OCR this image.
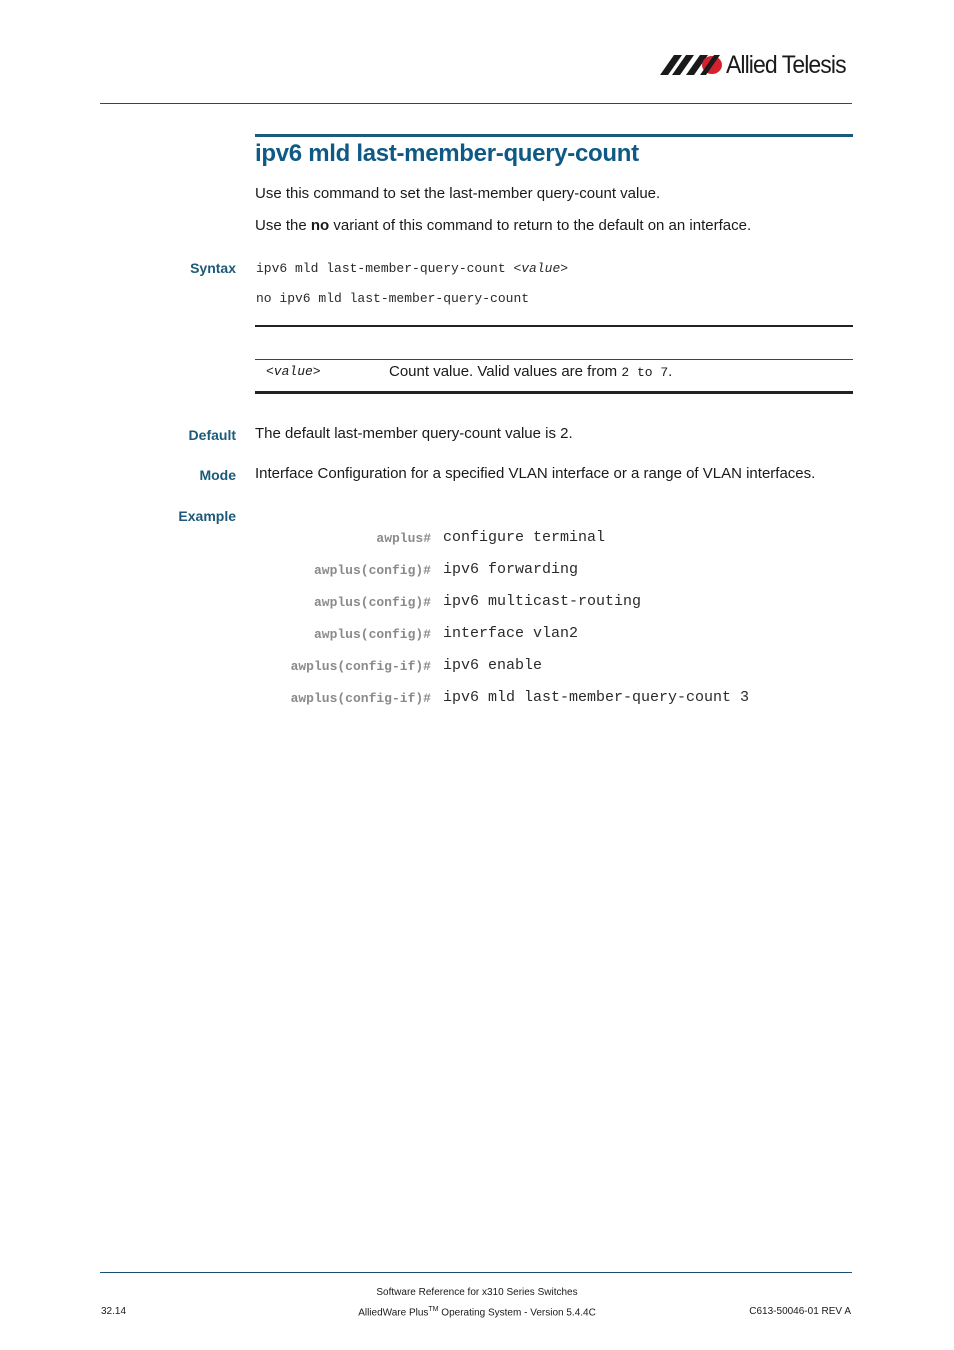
Allied Telesis
ipv6 mld last-member-query-count
Use this command to set the last-member query-count value.
Use the no variant of this command to return to the default on an interface.
Syntax ipv6 mld last-member-query-count <value>
no ipv6 mld last-member-query-count
<value>	Count value. Valid values are from 2 to 7.
Default The default last-member query-count value is 2.
Mode Interface Configuration for a specified VLAN interface or a range of VLAN interfaces.
Example
awplus# configure terminal
awplus(config)# ipv6 forwarding
awplus(config)# ipv6 multicast-routing
awplus(config)# interface vlan2
awplus(config-if)# ipv6 enable
awplus(config-if)# ipv6 mld last-member-query-count 3
Software Reference for x310 Series Switches
AlliedWare Plus™ Operating System - Version 5.4.4C
32.14	C613-50046-01 REV A
